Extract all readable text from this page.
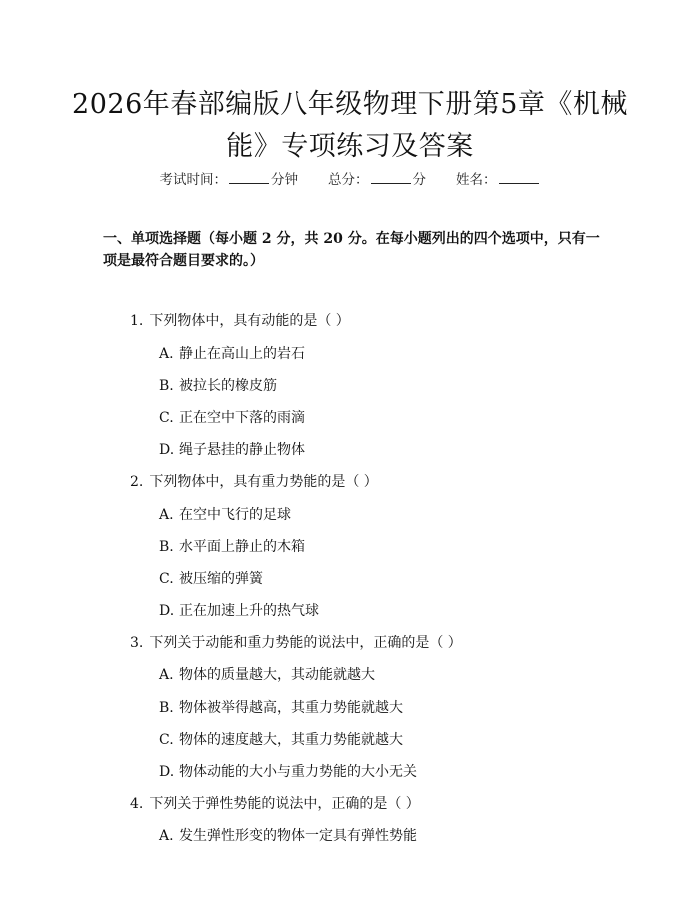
2026年春部编版八年级物理下册第5章《机械能》专项练习及答案
考试时间：	分钟 总分：	分 姓名：
一、单项选择题（每小题 2 分，共 20 分。在每小题列出的四个选项中，只有一项是最符合题目要求的。）
1. 下列物体中，具有动能的是（ ）
A. 静止在高山上的岩石
B. 被拉长的橡皮筋
C. 正在空中下落的雨滴
D. 绳子悬挂的静止物体
2. 下列物体中，具有重力势能的是（ ）
A. 在空中飞行的足球
B. 水平面上静止的木箱
C. 被压缩的弹簧
D. 正在加速上升的热气球
3. 下列关于动能和重力势能的说法中，正确的是（ ）
A. 物体的质量越大，其动能就越大
B. 物体被举得越高，其重力势能就越大
C. 物体的速度越大，其重力势能就越大
D. 物体动能的大小与重力势能的大小无关
4. 下列关于弹性势能的说法中，正确的是（ ）
A. 发生弹性形变的物体一定具有弹性势能
